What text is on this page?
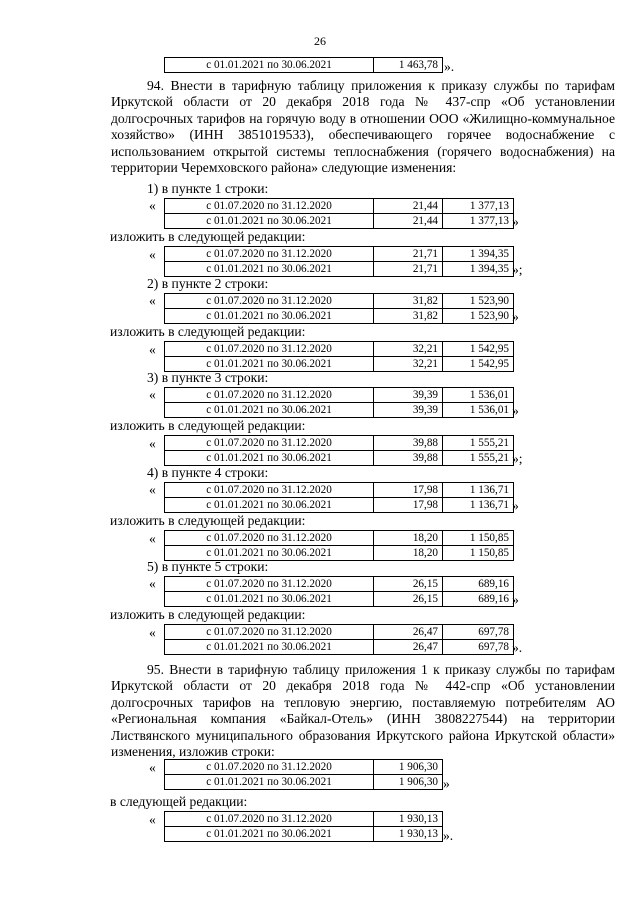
26
с 01.01.2021 по 30.06.2021	1 463,78 ».
94. Внести в тарифную таблицу приложения к приказу службы по тарифам Иркутской области от 20 декабря 2018 года № 437-спр «Об установлении долгосрочных тарифов на горячую воду в отношении ООО «Жилищно-коммунальное хозяйство» (ИНН 3851019533), обеспечивающего горячее водоснабжение с использованием открытой системы теплоснабжения (горячего водоснабжения) на территории Черемховского района» следующие изменения:
1) в пункте 1 строки:
«	с 01.07.2020 по 31.12.2020	21,44	1 377,13
с 01.01.2021 по 30.06.2021	21,44	1 377,13 »
изложить в следующей редакции:
«	с 01.07.2020 по 31.12.2020	21,71	1 394,35
с 01.01.2021 по 30.06.2021	21,71	1 394,35 »;
2) в пункте 2 строки:
«	с 01.07.2020 по 31.12.2020	31,82	1 523,90
с 01.01.2021 по 30.06.2021	31,82	1 523,90 »
изложить в следующей редакции:
«	с 01.07.2020 по 31.12.2020	32,21	1 542,95
с 01.01.2021 по 30.06.2021	32,21	1 542,95
3) в пункте 3 строки:
«	с 01.07.2020 по 31.12.2020	39,39	1 536,01
с 01.01.2021 по 30.06.2021	39,39	1 536,01 »
изложить в следующей редакции:
«	с 01.07.2020 по 31.12.2020	39,88	1 555,21
с 01.01.2021 по 30.06.2021	39,88	1 555,21 »;
4) в пункте 4 строки:
«	с 01.07.2020 по 31.12.2020	17,98	1 136,71
с 01.01.2021 по 30.06.2021	17,98	1 136,71 »
изложить в следующей редакции:
«	с 01.07.2020 по 31.12.2020	18,20	1 150,85
с 01.01.2021 по 30.06.2021	18,20	1 150,85
5) в пункте 5 строки:
«	с 01.07.2020 по 31.12.2020	26,15	689,16
с 01.01.2021 по 30.06.2021	26,15	689,16 »
изложить в следующей редакции:
«	с 01.07.2020 по 31.12.2020	26,47	697,78
с 01.01.2021 по 30.06.2021	26,47	697,78 ».
95. Внести в тарифную таблицу приложения 1 к приказу службы по тарифам Иркутской области от 20 декабря 2018 года № 442-спр «Об установлении долгосрочных тарифов на тепловую энергию, поставляемую потребителям АО «Региональная компания «Байкал-Отель» (ИНН 3808227544) на территории Листвянского муниципального образования Иркутского района Иркутской области» изменения, изложив строки:
«	с 01.07.2020 по 31.12.2020	1 906,30
с 01.01.2021 по 30.06.2021	1 906,30 »
в следующей редакции:
«	с 01.07.2020 по 31.12.2020	1 930,13
с 01.01.2021 по 30.06.2021	1 930,13 ».
